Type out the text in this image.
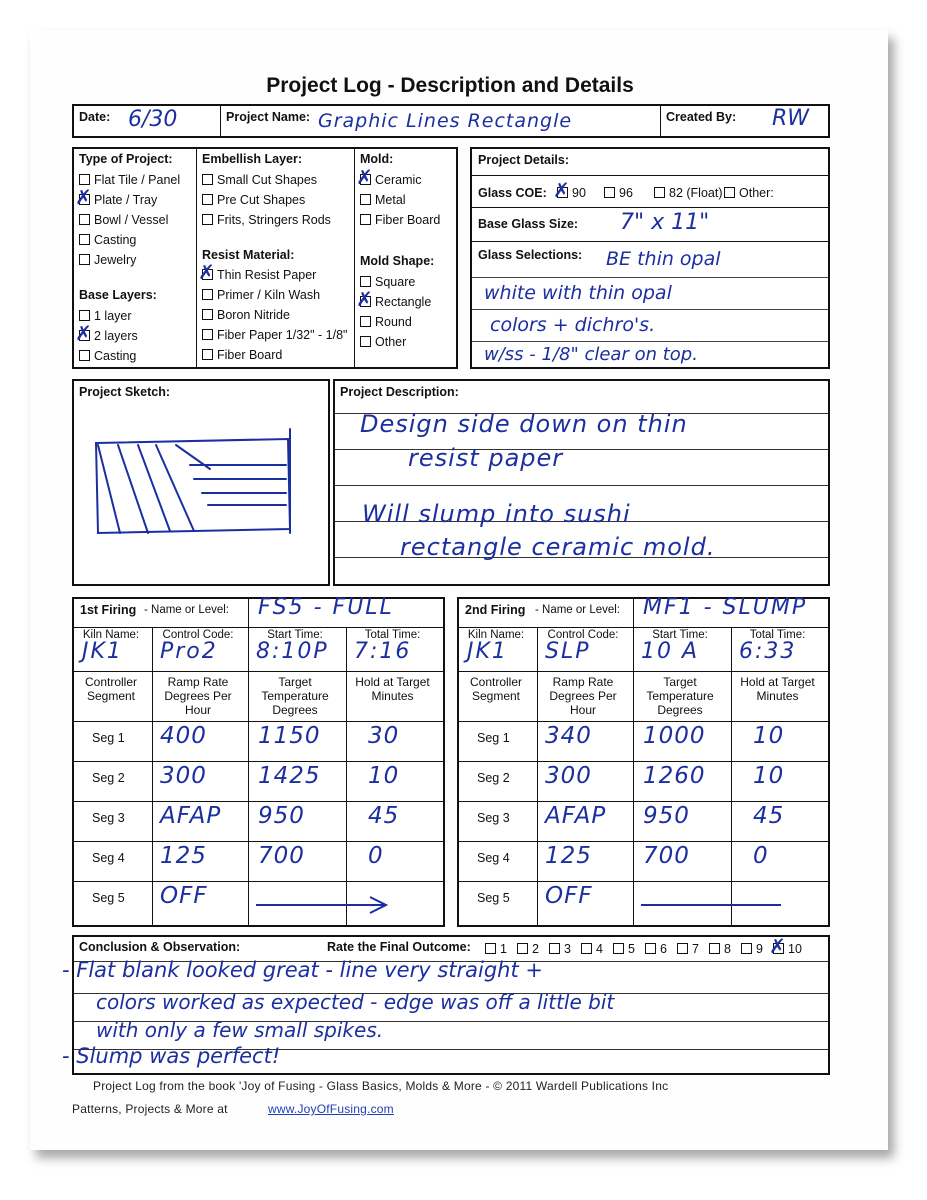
Project Log - Description and Details
Date: 6/30	Project Name: Graphic Lines Rectangle	Created By: RW
Type of Project:
Base Layers:
Embellish Layer:
Resist Material:
Mold:
Mold Shape:
Project Details:
Glass COE:
Base Glass Size: 7" x 11"
Glass Selections: BE thin opal
white with thin opal
colors + dichro's.
w/ss - 1/8" clear on top.
Project Sketch:	Project Description:
Design side down on thin
resist paper
Will slump into sushi
rectangle ceramic mold.
Conclusion & Observation:	Rate the Final Outcome:
- Flat blank looked great - line very straight +
colors worked as expected - edge was off a little bit
with only a few small spikes.
- Slump was perfect!
Project Log from the book 'Joy of Fusing - Glass Basics, Molds & More - © 2011 Wardell Publications Inc
Patterns, Projects & More at	www.JoyOfFusing.com
Flat Tile / Panel
✗ Plate / Tray
Bowl / Vessel
Casting
Jewelry
1 layer
✗ 2 layers
Casting
Small Cut Shapes
Pre Cut Shapes
Frits, Stringers Rods
✗ Thin Resist Paper
Primer / Kiln Wash
Boron Nitride
Fiber Paper 1/32" - 1/8"
Fiber Board
✗ Ceramic
Metal
Fiber Board
Square
✗ Rectangle
Round
Other
✗ 90	96	82 (Float)	Other:
1	2	3	4	5	6	7	8	9 ✗ 10
1st Firing - Name or Level: FS5 - FULL
Kiln Name:
JK1
Controller Segment
Control Code:
Pro2
Ramp Rate Degrees Per Hour
Start Time:
8:10P
Target Temperature Degrees
Total Time:
7:16
Hold at Target Minutes
Seg 1 400 1150 30
Seg 2 300 1425 10
Seg 3 AFAP 950	45
Seg 4 125 700	0
Seg 5 OFF
2nd Firing - Name or Level: MF1 - SLUMP
Kiln Name:
JK1
Controller Segment
Control Code:
SLP
Ramp Rate Degrees Per Hour
Start Time:
10 A
Target Temperature Degrees
Total Time:
6:33
Hold at Target Minutes
Seg 1 340 1000 10
Seg 2 300 1260 10
Seg 3 AFAP 950	45
Seg 4 125 700	0
Seg 5 OFF
